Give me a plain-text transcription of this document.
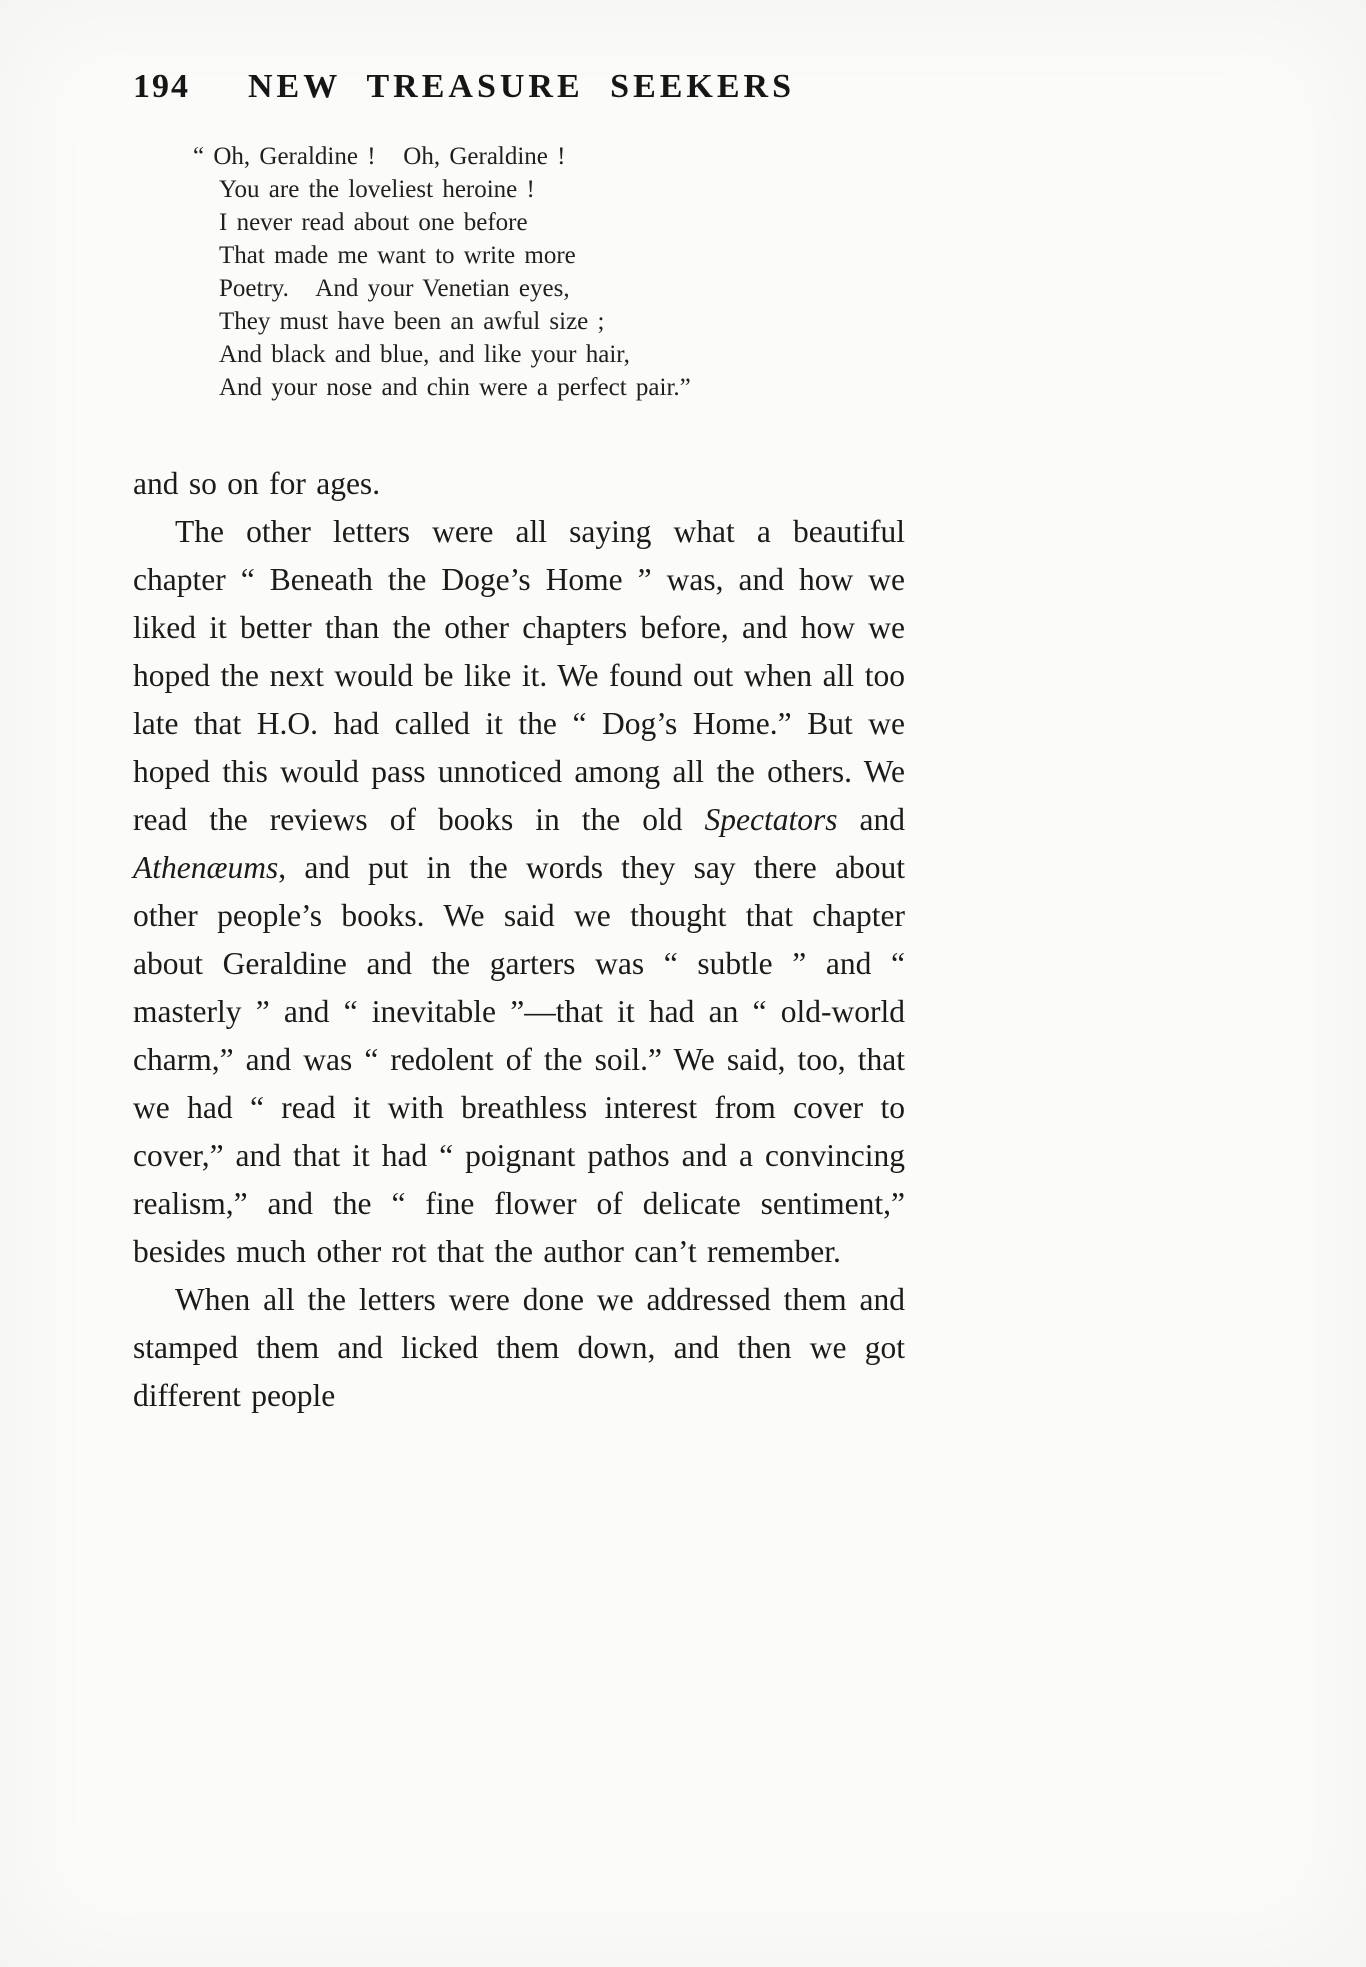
194 NEW TREASURE SEEKERS
“ Oh, Geraldine !   Oh, Geraldine !
You are the loveliest heroine !
I never read about one before
That made me want to write more
Poetry.   And your Venetian eyes,
They must have been an awful size ;
And black and blue, and like your hair,
And your nose and chin were a perfect pair.”

and so on for ages.

The other letters were all saying what a beautiful chapter “ Beneath the Doge’s Home ” was, and how we liked it better than the other chapters before, and how we hoped the next would be like it. We found out when all too late that H.O. had called it the “ Dog’s Home.” But we hoped this would pass unnoticed among all the others. We read the reviews of books in the old Spectators and Athenæums, and put in the words they say there about other people’s books. We said we thought that chapter about Geraldine and the garters was “ subtle ” and “ masterly ” and “ inevitable ”—that it had an “ old-world charm,” and was “ redolent of the soil.” We said, too, that we had “ read it with breathless interest from cover to cover,” and that it had “ poignant pathos and a convincing realism,” and the “ fine flower of delicate sentiment,” besides much other rot that the author can’t remember.

When all the letters were done we addressed them and stamped them and licked them down, and then we got different people
